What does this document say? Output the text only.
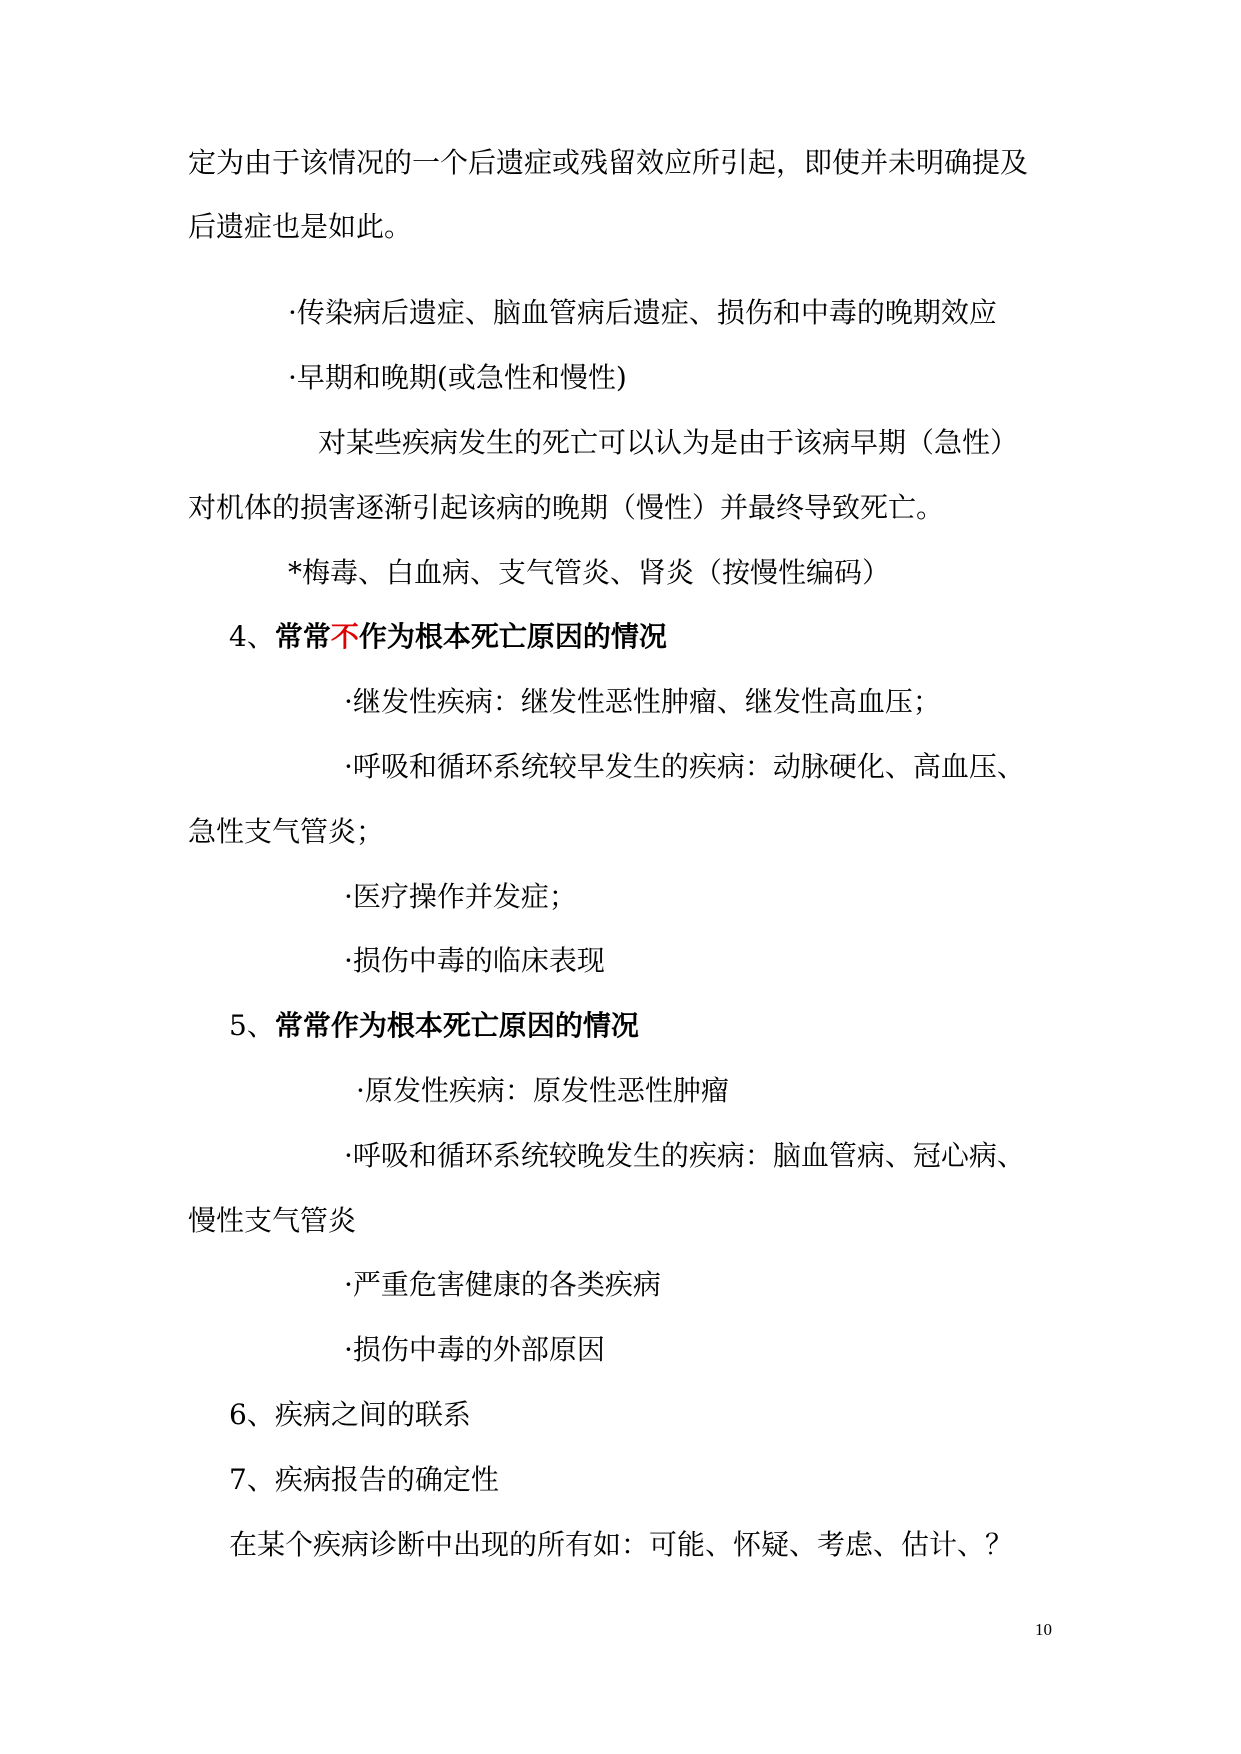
定为由于该情况的一个后遗症或残留效应所引起，即使并未明确提及
后遗症也是如此。
·传染病后遗症、脑血管病后遗症、损伤和中毒的晚期效应
·早期和晚期(或急性和慢性)
对某些疾病发生的死亡可以认为是由于该病早期（急性）
对机体的损害逐渐引起该病的晚期（慢性）并最终导致死亡。
*梅毒、白血病、支气管炎、肾炎（按慢性编码）
4、常常不作为根本死亡原因的情况
·继发性疾病：继发性恶性肿瘤、继发性高血压；
·呼吸和循环系统较早发生的疾病：动脉硬化、高血压、
急性支气管炎；
·医疗操作并发症；
·损伤中毒的临床表现
5、常常作为根本死亡原因的情况
·原发性疾病：原发性恶性肿瘤
·呼吸和循环系统较晚发生的疾病：脑血管病、冠心病、
慢性支气管炎
·严重危害健康的各类疾病
·损伤中毒的外部原因
6、疾病之间的联系
7、疾病报告的确定性
在某个疾病诊断中出现的所有如：可能、怀疑、考虑、估计、？
10
